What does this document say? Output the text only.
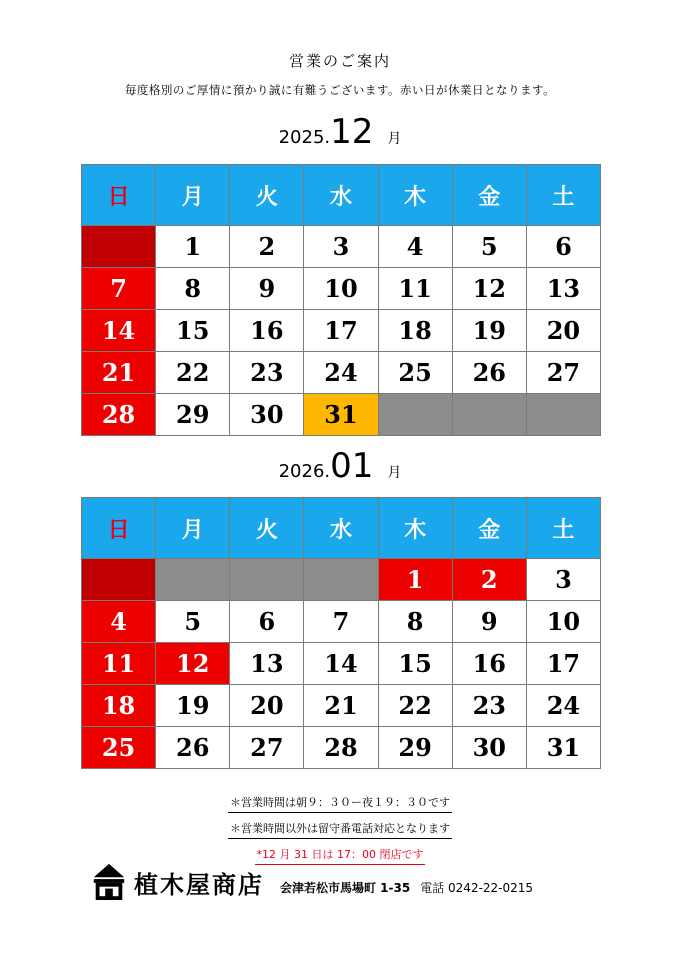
営業のご案内
毎度格別のご厚情に預かり誠に有難うございます。赤い日が休業日となります。
2025.12 月
日	月	火	水	木	金	土
	1	2	3	4	5	6
7	8	9	10	11	12	13
14	15	16	17	18	19	20
21	22	23	24	25	26	27
28	29	30	31			
2026.01 月
日	月	火	水	木	金	土
				1	2	3
4	5	6	7	8	9	10
11	12	13	14	15	16	17
18	19	20	21	22	23	24
25	26	27	28	29	30	31
＊営業時間は朝９：３０ー夜１９：３０です
＊営業時間以外は留守番電話対応となります
*12 月 31 日は 17：00 閉店です
植木屋商店 会津若松市馬場町 1-35 電話 0242-22-0215
